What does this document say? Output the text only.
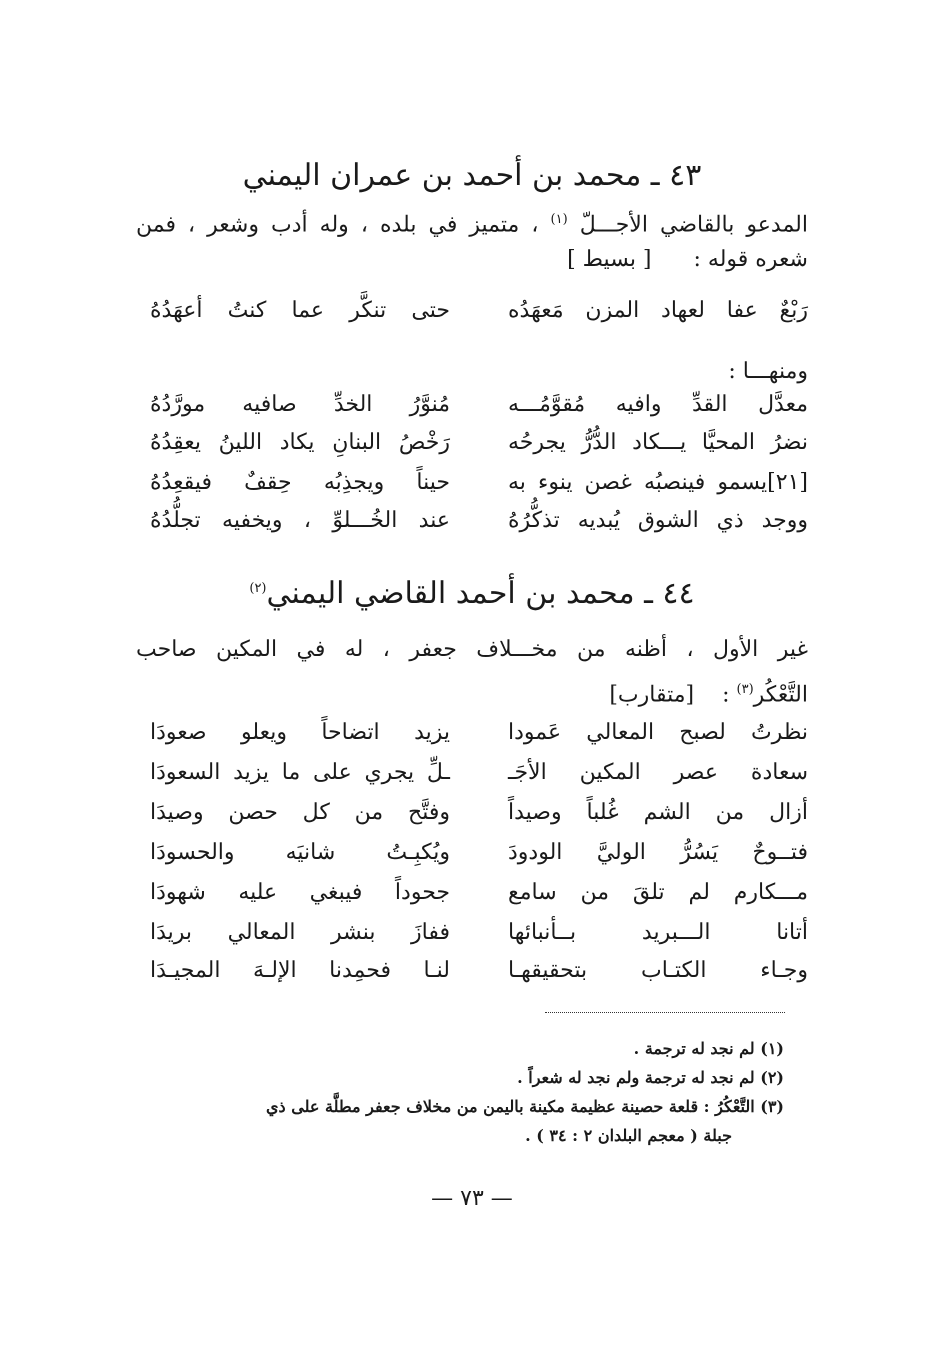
٤٣ ـ محمد بن أحمد بن عمران اليمني
المدعو بالقاضي الأجـــلّ $^{(١)}$ ، متميز في بلده ، وله أدب وشعر ، فمن
شعره قوله :      [ بسيط ]
رَبْعٌ عفا لعهاد المزن مَعهَدُه
حتى تنكَّر عما كنتُ أعهَدُهُ
ومنهـــا :
معدَّل القدِّ وافيه مُقوَّمُـــه
مُنوَّرُ الخدِّ صافيه مورَّدُهُ
نضرُ المحيَّا يـــكاد الدُّرُّ يجرحُه
رَخْصُ البنانِ يكاد اللينُ يعقِدُهُ
[٢١]يسمو فينصبُه غصن ينوء به
حيناً ويجذِبُه حِقفٌ فيقعِدُهُ
ووجد ذي الشوق يُبديه تذكُّرُهُ
عند الخُـــلوِّ ، ويخفيه تجلُّدُهُ
٤٤ ـ محمد بن أحمد القاضي اليمني$^{(٢)}$
غير الأول ، أظنه من مخـــلاف جعفر ، له في المكين صاحب
التَّعْكُر$^{(٣)}$ :    [متقارب]
نظرتُ لصبح المعالي عَمودا
يزيد اتضاحاً ويعلو صعودَا
سعادة عصر المكين الأجَـ
ـلِّ يجري على ما يزيد السعودَا
أزال من الشم غُلباً وصيداً
وفتَّح من كل حصن وصيدَا
فتــوحٌ يَسُرُّ الوليَّ الودودَ
ويُكبِـتُ شانيَه والحسودَا
مـــكارم لم تلقَ من سامع
جحوداً فيبغي عليه شهودَا
أتانا الـــبريد بــأنبائها
ففازَ بنشر المعالي بريدَا
وجـاء الكتـاب بتحقيقهـا
لنـا فحمِدنا الإلـهَ المجيـدَا
(١) لم نجد له ترجمة .
(٢) لم نجد له ترجمة ولم نجد له شعراً .
(٣) التَّعْكُرُ : قلعة حصينة عظيمة مكينة باليمن من مخلاف جعفر مطلَّة على ذي
جبلة ( معجم البلدان ٢ : ٣٤ ) .
— ٧٣ —
